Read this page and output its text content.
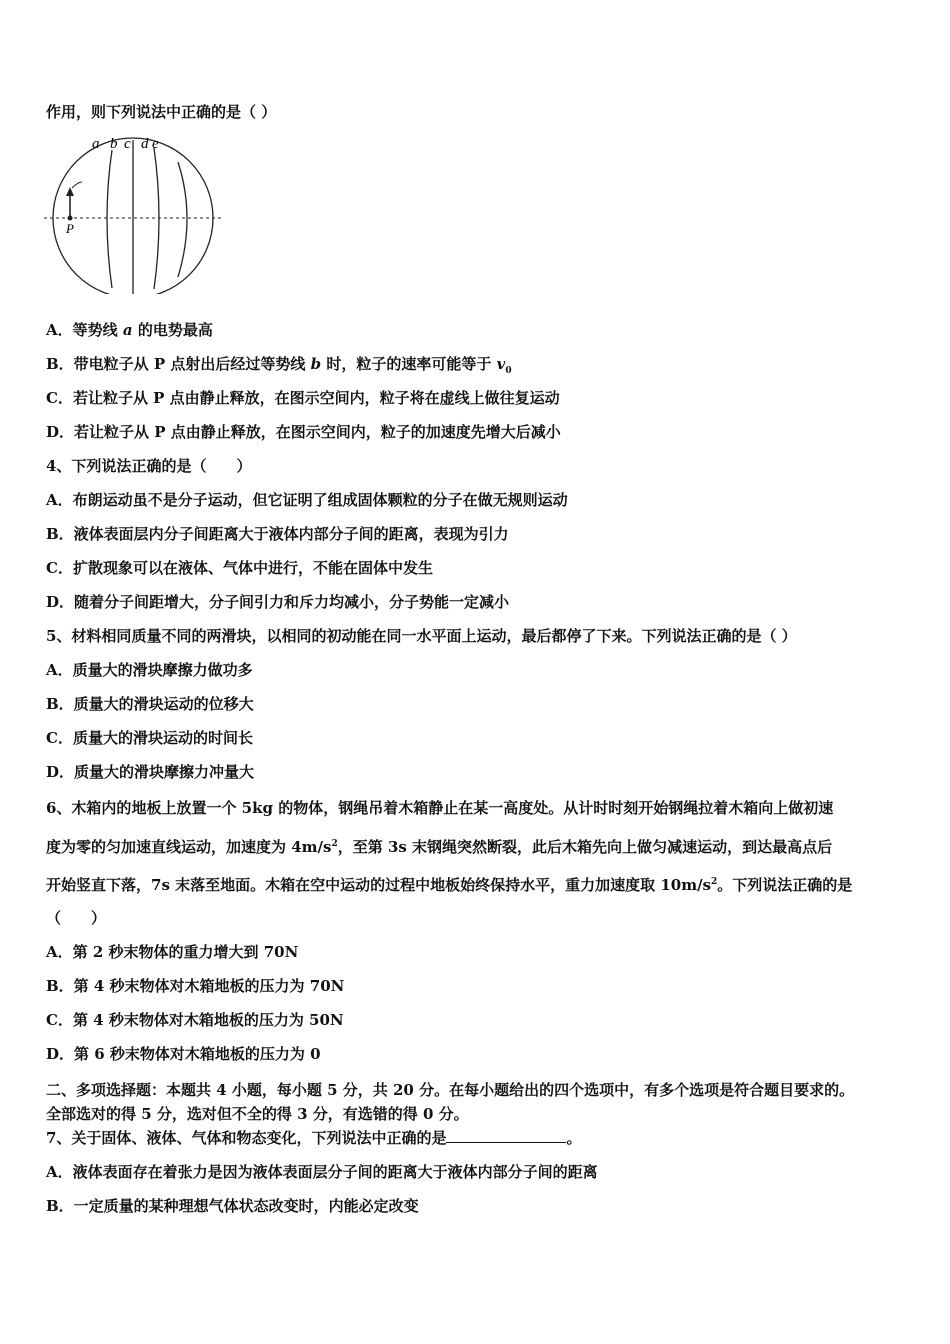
作用，则下列说法中正确的是（ ）
a b c d e
P
A．等势线 a 的电势最高
B．带电粒子从 P 点射出后经过等势线 b 时，粒子的速率可能等于 $v_0$
C．若让粒子从 P 点由静止释放，在图示空间内，粒子将在虚线上做往复运动
D．若让粒子从 P 点由静止释放，在图示空间内，粒子的加速度先增大后减小
4、下列说法正确的是（　　）
A．布朗运动虽不是分子运动，但它证明了组成固体颗粒的分子在做无规则运动
B．液体表面层内分子间距离大于液体内部分子间的距离，表现为引力
C．扩散现象可以在液体、气体中进行，不能在固体中发生
D．随着分子间距增大，分子间引力和斥力均减小，分子势能一定减小
5、材料相同质量不同的两滑块，以相同的初动能在同一水平面上运动，最后都停了下来。下列说法正确的是（ ）
A．质量大的滑块摩擦力做功多
B．质量大的滑块运动的位移大
C．质量大的滑块运动的时间长
D．质量大的滑块摩擦力冲量大
6、木箱内的地板上放置一个 5kg 的物体，钢绳吊着木箱静止在某一高度处。从计时时刻开始钢绳拉着木箱向上做初速
度为零的匀加速直线运动，加速度为 $4m/s^2$，至第 3s 末钢绳突然断裂，此后木箱先向上做匀减速运动，到达最高点后
开始竖直下落，7s 末落至地面。木箱在空中运动的过程中地板始终保持水平，重力加速度取 $10m/s^2$。下列说法正确的是
（　　）
A．第 2 秒末物体的重力增大到 70N
B．第 4 秒末物体对木箱地板的压力为 70N
C．第 4 秒末物体对木箱地板的压力为 50N
D．第 6 秒末物体对木箱地板的压力为 0
二、多项选择题：本题共 4 小题，每小题 5 分，共 20 分。在每小题给出的四个选项中，有多个选项是符合题目要求的。
全部选对的得 5 分，选对但不全的得 3 分，有选错的得 0 分。
7、关于固体、液体、气体和物态变化，下列说法中正确的是	。
A．液体表面存在着张力是因为液体表面层分子间的距离大于液体内部分子间的距离
B．一定质量的某种理想气体状态改变时，内能必定改变
